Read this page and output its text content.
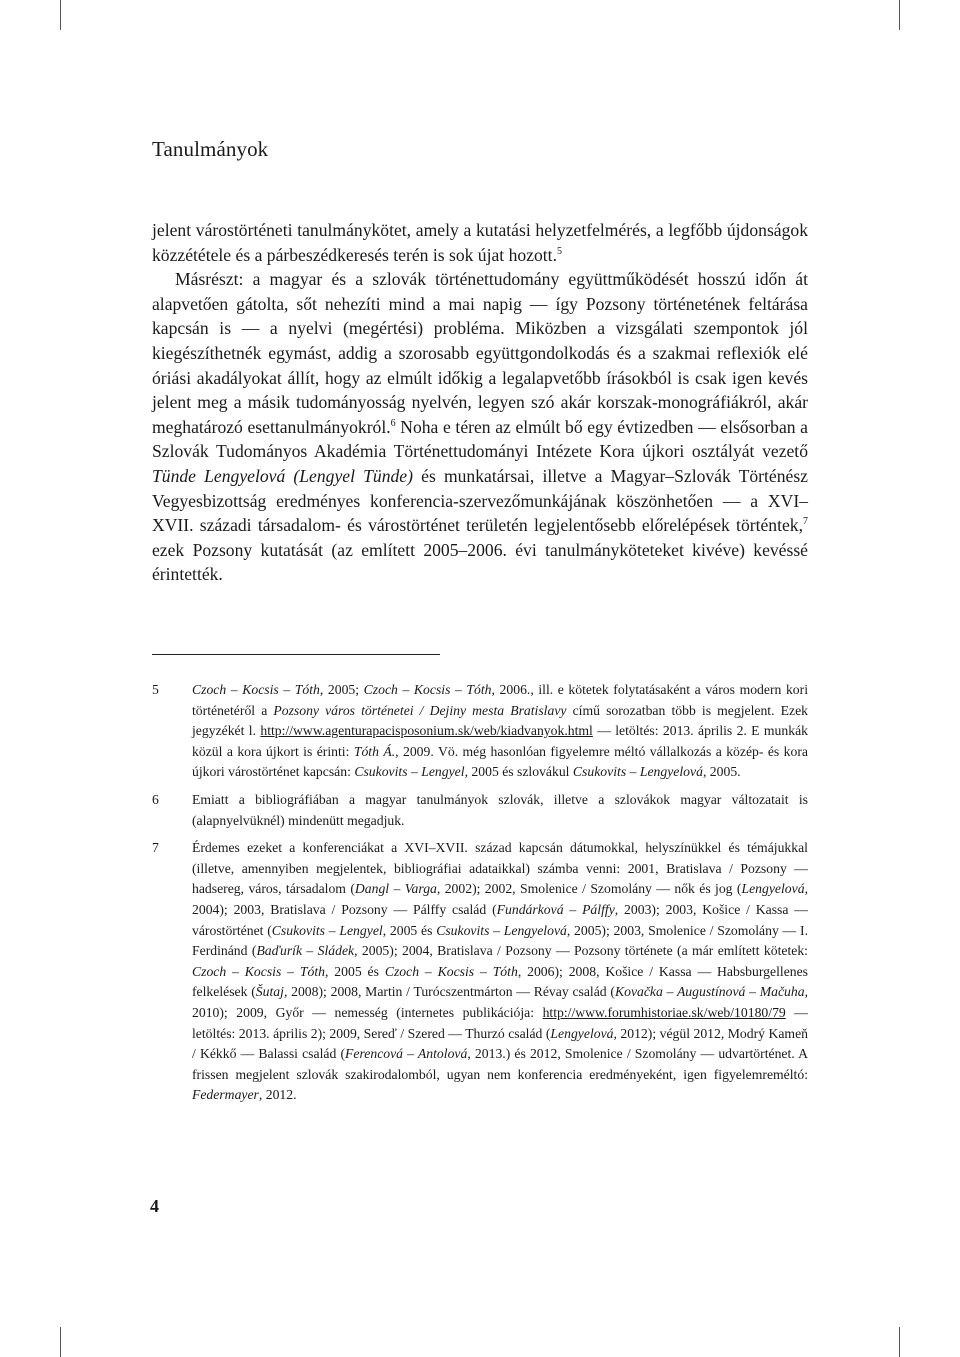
Tanulmányok

jelent várostörténeti tanulmánykötet, amely a kutatási helyzetfelmérés, a legfőbb újdonságok közzététele és a párbeszédkeresés terén is sok újat hozott.$^5$

Másrészt: a magyar és a szlovák történettudomány együttműködését hosszú időn át alapvetően gátolta, sőt nehezíti mind a mai napig — így Pozsony történetének feltárása kapcsán is — a nyelvi (megértési) probléma. Miközben a vizsgálati szempontok jól kiegészíthetnék egymást, addig a szorosabb együttgondolkodás és a szakmai reflexiók elé óriási akadályokat állít, hogy az elmúlt időkig a legalapvetőbb írásokból is csak igen kevés jelent meg a másik tudományosság nyelvén, legyen szó akár korszak-monográfiákról, akár meghatározó esettanulmányokról.$^6$ Noha e téren az elmúlt bő egy évtizedben — elsősorban a Szlovák Tudományos Akadémia Történettudományi Intézete Kora újkori osztályát vezető Tünde Lengyelová (Lengyel Tünde) és munkatársai, illetve a Magyar–Szlovák Történész Vegyesbizottság eredményes konferencia-szervezőmunkájának köszönhetően — a XVI–XVII. századi társadalom- és várostörténet területén legjelentősebb előrelépések történtek,$^7$ ezek Pozsony kutatását (az említett 2005–2006. évi tanulmányköteteket kivéve) kevéssé érintették.

5 Czoch – Kocsis – Tóth, 2005; Czoch – Kocsis – Tóth, 2006., ill. e kötetek folytatásaként a város modern kori történetéről a Pozsony város történetei / Dejiny mesta Bratislavy című sorozatban több is megjelent. Ezek jegyzékét l. http://www.agenturapacisposonium.sk/web/kiadvanyok.html — letöltés: 2013. április 2. E munkák közül a kora újkort is érinti: Tóth Á., 2009. Vö. még hasonlóan figyelemre méltó vállalkozás a közép- és kora újkori várostörténet kapcsán: Csukovits – Lengyel, 2005 és szlovákul Csukovits – Lengyelová, 2005.
6 Emiatt a bibliográfiában a magyar tanulmányok szlovák, illetve a szlovákok magyar változatait is (alapnyelvüknél) mindenütt megadjuk.
7 Érdemes ezeket a konferenciákat a XVI–XVII. század kapcsán dátumokkal, helyszínükkel és témájukkal (illetve, amennyiben megjelentek, bibliográfiai adataikkal) számba venni: 2001, Bratislava / Pozsony — hadsereg, város, társadalom (Dangl – Varga, 2002); 2002, Smolenice / Szomolány — nők és jog (Lengyelová, 2004); 2003, Bratislava / Pozsony — Pálffy család (Fundárková – Pálffy, 2003); 2003, Košice / Kassa — várostörténet (Csukovits – Lengyel, 2005 és Csukovits – Lengyelová, 2005); 2003, Smolenice / Szomolány — I. Ferdinánd (Baďurík – Sládek, 2005); 2004, Bratislava / Pozsony — Pozsony története (a már említett kötetek: Czoch – Kocsis – Tóth, 2005 és Czoch – Kocsis – Tóth, 2006); 2008, Košice / Kassa — Habsburgellenes felkelések (Šutaj, 2008); 2008, Martin / Turócszentmárton — Révay család (Kovačka – Augustínová – Mačuha, 2010); 2009, Győr — nemesség (internetes publikációja: http://www.forumhistoriae.sk/web/10180/79 — letöltés: 2013. április 2); 2009, Sereď / Szered — Thurzó család (Lengyelová, 2012); végül 2012, Modrý Kameň / Kékkő — Balassi család (Ferencová – Antolová, 2013.) és 2012, Smolenice / Szomolány — udvartörténet. A frissen megjelent szlovák szakirodalomból, ugyan nem konferencia eredményeként, igen figyelemreméltó: Federmayer, 2012.
4
